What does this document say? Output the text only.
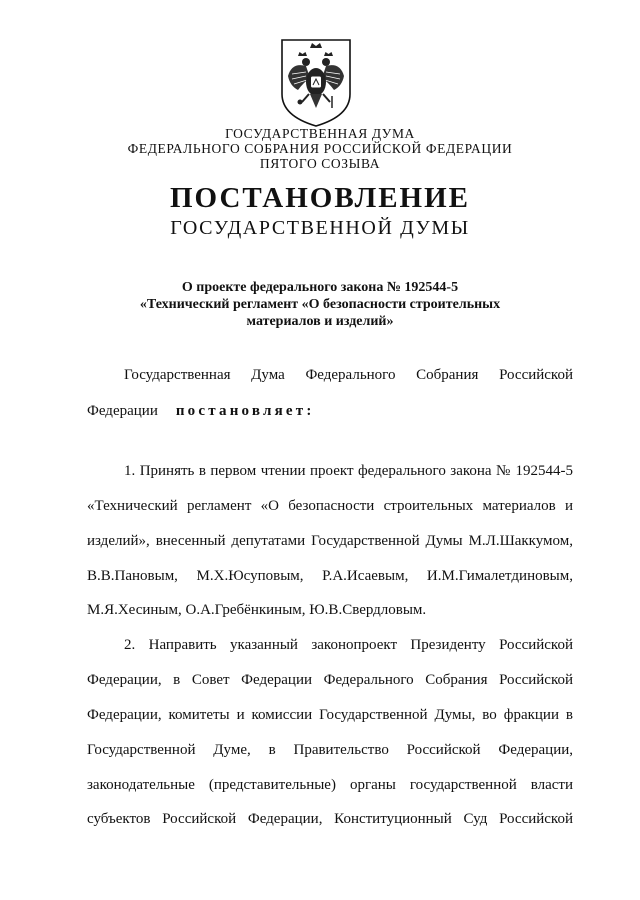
ГОСУДАРСТВЕННАЯ ДУМА
ФЕДЕРАЛЬНОГО СОБРАНИЯ РОССИЙСКОЙ ФЕДЕРАЦИИ
ПЯТОГО СОЗЫВА
ПОСТАНОВЛЕНИЕ
ГОСУДАРСТВЕННОЙ ДУМЫ
О проекте федерального закона № 192544-5
«Технический регламент «О безопасности строительных
материалов и изделий»
Государственная Дума Федерального Собрания Российской
Федерации постановляет:
1. Принять в первом чтении проект федерального закона № 192544-5
«Технический регламент «О безопасности строительных материалов и
изделий», внесенный депутатами Государственной Думы М.Л.Шаккумом,
В.В.Пановым, М.Х.Юсуповым, Р.А.Исаевым, И.М.Гималетдиновым,
М.Я.Хесиным, О.А.Гребёнкиным, Ю.В.Свердловым.
2. Направить указанный законопроект Президенту Российской
Федерации, в Совет Федерации Федерального Собрания Российской
Федерации, комитеты и комиссии Государственной Думы, во фракции в
Государственной Думе, в Правительство Российской Федерации,
законодательные (представительные) органы государственной власти
субъектов Российской Федерации, Конституционный Суд Российской
